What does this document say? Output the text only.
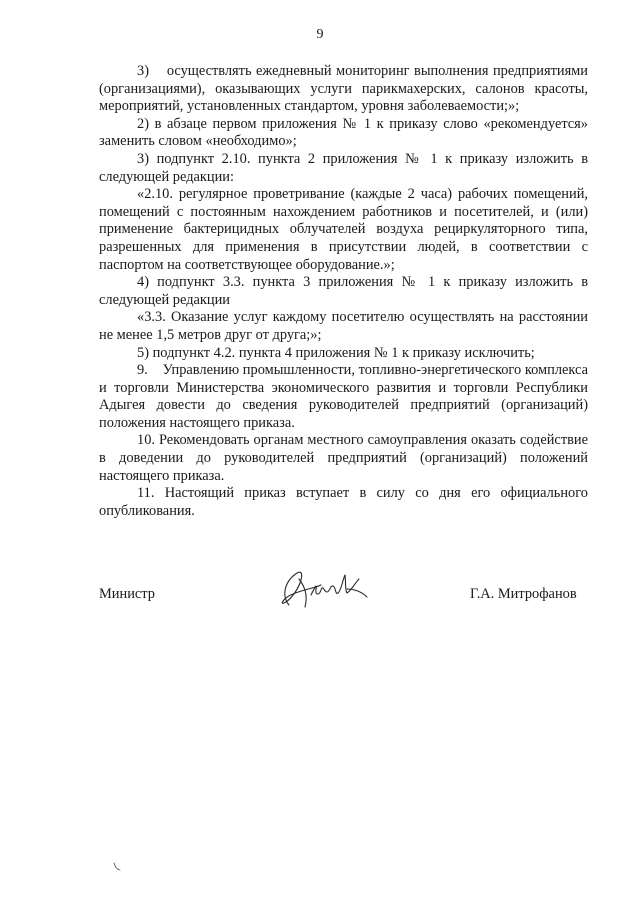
9

3)    осуществлять ежедневный мониторинг выполнения предприятиями (организациями), оказывающих услуги парикмахерских, салонов красоты, мероприятий, установленных стандартом, уровня заболеваемости;»;

2) в абзаце первом приложения № 1 к приказу слово «рекомендуется» заменить словом «необходимо»;

3) подпункт 2.10. пункта 2 приложения № 1 к приказу изложить в следующей редакции:

«2.10. регулярное проветривание (каждые 2 часа) рабочих помещений, помещений с постоянным нахождением работников и посетителей, и (или) применение бактерицидных облучателей воздуха рециркуляторного типа, разрешенных для применения в присутствии людей, в соответствии с паспортом на соответствующее оборудование.»;

4) подпункт 3.3. пункта 3 приложения № 1 к приказу изложить в следующей редакции

«3.3. Оказание услуг каждому посетителю осуществлять на расстоянии не менее 1,5 метров друг от друга;»;

5) подпункт 4.2. пункта 4 приложения № 1 к приказу исключить;

9.    Управлению промышленности, топливно-энергетического комплекса и торговли Министерства экономического развития и торговли Республики Адыгея довести до сведения руководителей предприятий (организаций) положения настоящего приказа.

10. Рекомендовать органам местного самоуправления оказать содействие в доведении до руководителей предприятий (организаций) положений настоящего приказа.

11. Настоящий приказ вступает в силу со дня его официального опубликования.

Министр	Г.А. Митрофанов
